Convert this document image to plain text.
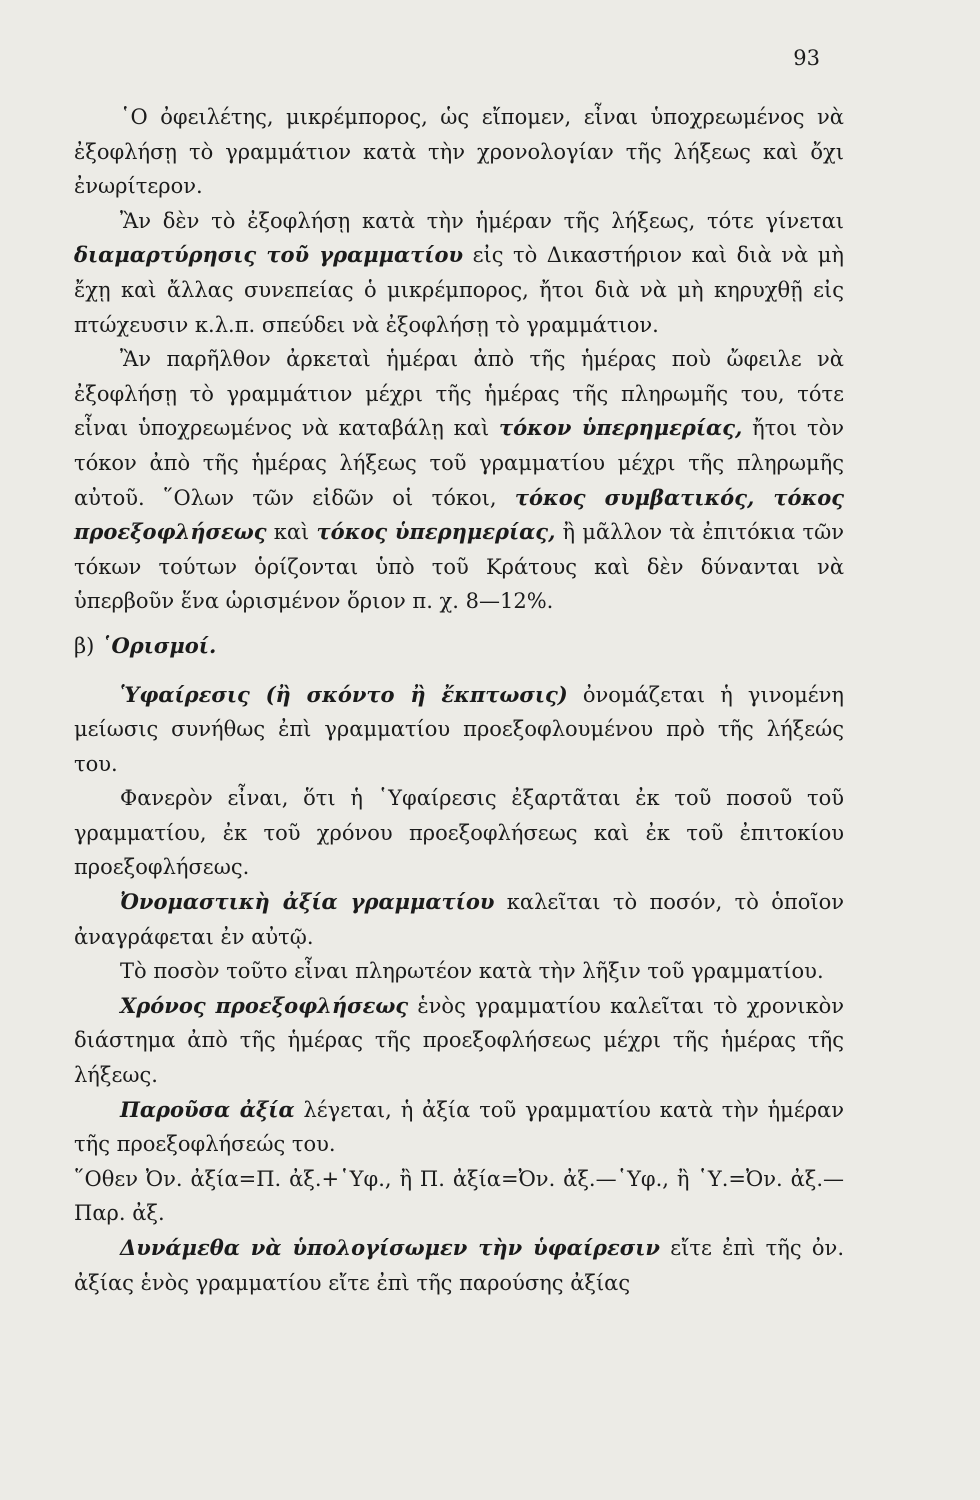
93

῾Ο ὀφειλέτης, μικρέμπορος, ὡς εἴπομεν, εἶναι ὑποχρεωμένος νὰ ἐξοφλήσῃ τὸ γραμμάτιον κατὰ τὴν χρονολογίαν τῆς λήξεως καὶ ὄχι ἐνωρίτερον.

Ἂν δὲν τὸ ἐξοφλήσῃ κατὰ τὴν ἡμέραν τῆς λήξεως, τότε γίνεται διαμαρτύρησις τοῦ γραμματίου εἰς τὸ Δικαστήριον καὶ διὰ νὰ μὴ ἔχῃ καὶ ἄλλας συνεπείας ὁ μικρέμπορος, ἤτοι διὰ νὰ μὴ κηρυχθῇ εἰς πτώχευσιν κ.λ.π. σπεύδει νὰ ἐξοφλήσῃ τὸ γραμμάτιον.

Ἂν παρῆλθον ἀρκεταὶ ἡμέραι ἀπὸ τῆς ἡμέρας ποὺ ὤφειλε νὰ ἐξοφλήσῃ τὸ γραμμάτιον μέχρι τῆς ἡμέρας τῆς πληρωμῆς του, τότε εἶναι ὑποχρεωμένος νὰ καταβάλῃ καὶ τόκον ὑπερημερίας, ἤτοι τὸν τόκον ἀπὸ τῆς ἡμέρας λήξεως τοῦ γραμματίου μέχρι τῆς πληρωμῆς αὐτοῦ. ῞Ολων τῶν εἰδῶν οἱ τόκοι, τόκος συμβατικός, τόκος προεξοφλήσεως καὶ τόκος ὑπερημερίας, ἢ μᾶλλον τὰ ἐπιτόκια τῶν τόκων τούτων ὁρίζονται ὑπὸ τοῦ Κράτους καὶ δὲν δύνανται νὰ ὑπερβοῦν ἕνα ὡρισμένον ὅριον π. χ. 8—12%.

β) ῾Ορισμοί.

Ὑφαίρεσις (ἢ σκόντο ἢ ἔκπτωσις) ὀνομάζεται ἡ γινομένη μείωσις συνήθως ἐπὶ γραμματίου προεξοφλουμένου πρὸ τῆς λήξεώς του.

Φανερὸν εἶναι, ὅτι ἡ ῾Υφαίρεσις ἐξαρτᾶται ἐκ τοῦ ποσοῦ τοῦ γραμματίου, ἐκ τοῦ χρόνου προεξοφλήσεως καὶ ἐκ τοῦ ἐπιτοκίου προεξοφλήσεως.

Ὀνομαστικὴ ἀξία γραμματίου καλεῖται τὸ ποσόν, τὸ ὁποῖον ἀναγράφεται ἐν αὐτῷ.

Τὸ ποσὸν τοῦτο εἶναι πληρωτέον κατὰ τὴν λῆξιν τοῦ γραμματίου.

Χρόνος προεξοφλήσεως ἑνὸς γραμματίου καλεῖται τὸ χρονικὸν διάστημα ἀπὸ τῆς ἡμέρας τῆς προεξοφλήσεως μέχρι τῆς ἡμέρας τῆς λήξεως.

Παροῦσα ἀξία λέγεται, ἡ ἀξία τοῦ γραμματίου κατὰ τὴν ἡμέραν τῆς προεξοφλήσεώς του.

῞Οθεν Ὀν. ἀξία=Π. ἀξ.+῾Υφ., ἢ Π. ἀξία=Ὀν. ἀξ.—῾Υφ., ἢ ῾Υ.=Ὀν. ἀξ.—Παρ. ἀξ.

Δυνάμεθα νὰ ὑπολογίσωμεν τὴν ὑφαίρεσιν εἴτε ἐπὶ τῆς ὀν. ἀξίας ἑνὸς γραμματίου εἴτε ἐπὶ τῆς παρούσης ἀξίας
